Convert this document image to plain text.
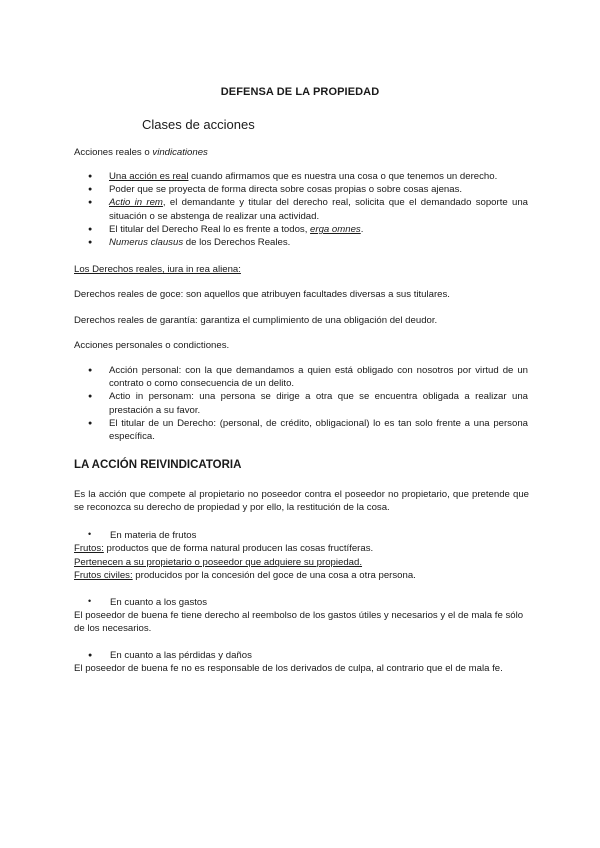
DEFENSA DE LA PROPIEDAD
Clases de acciones
Acciones reales o vindicationes
● Una acción es real cuando afirmamos que es nuestra una cosa o que tenemos un derecho.
● Poder que se proyecta de forma directa sobre cosas propias o sobre cosas ajenas.
● Actio in rem, el demandante y titular del derecho real, solicita que el demandado soporte una situación o se abstenga de realizar una actividad.
● El titular del Derecho Real lo es frente a todos, erga omnes.
● Numerus clausus de los Derechos Reales.
Los Derechos reales, iura in rea aliena:
Derechos reales de goce: son aquellos que atribuyen facultades diversas a sus titulares.
Derechos reales de garantía: garantiza el cumplimiento de una obligación del deudor.
Acciones personales o condictiones.
● Acción personal: con la que demandamos a quien está obligado con nosotros por virtud de un contrato o como consecuencia de un delito.
● Actio in personam: una persona se dirige a otra que se encuentra obligada a realizar una prestación a su favor.
● El titular de un Derecho: (personal, de crédito, obligacional) lo es tan solo frente a una persona específica.
LA ACCIÓN REIVINDICATORIA
Es la acción que compete al propietario no poseedor contra el poseedor no propietario, que pretende que se reconozca su derecho de propiedad y por ello, la restitución de la cosa.
• En materia de frutos
Frutos: productos que de forma natural producen las cosas fructíferas.
Pertenecen a su propietario o poseedor que adquiere su propiedad.
Frutos civiles: producidos por la concesión del goce de una cosa a otra persona.
• En cuanto a los gastos
El poseedor de buena fe tiene derecho al reembolso de los gastos útiles y necesarios y el de mala fe sólo de los necesarios.
● En cuanto a las pérdidas y daños
El poseedor de buena fe no es responsable de los derivados de culpa, al contrario que el de mala fe.
